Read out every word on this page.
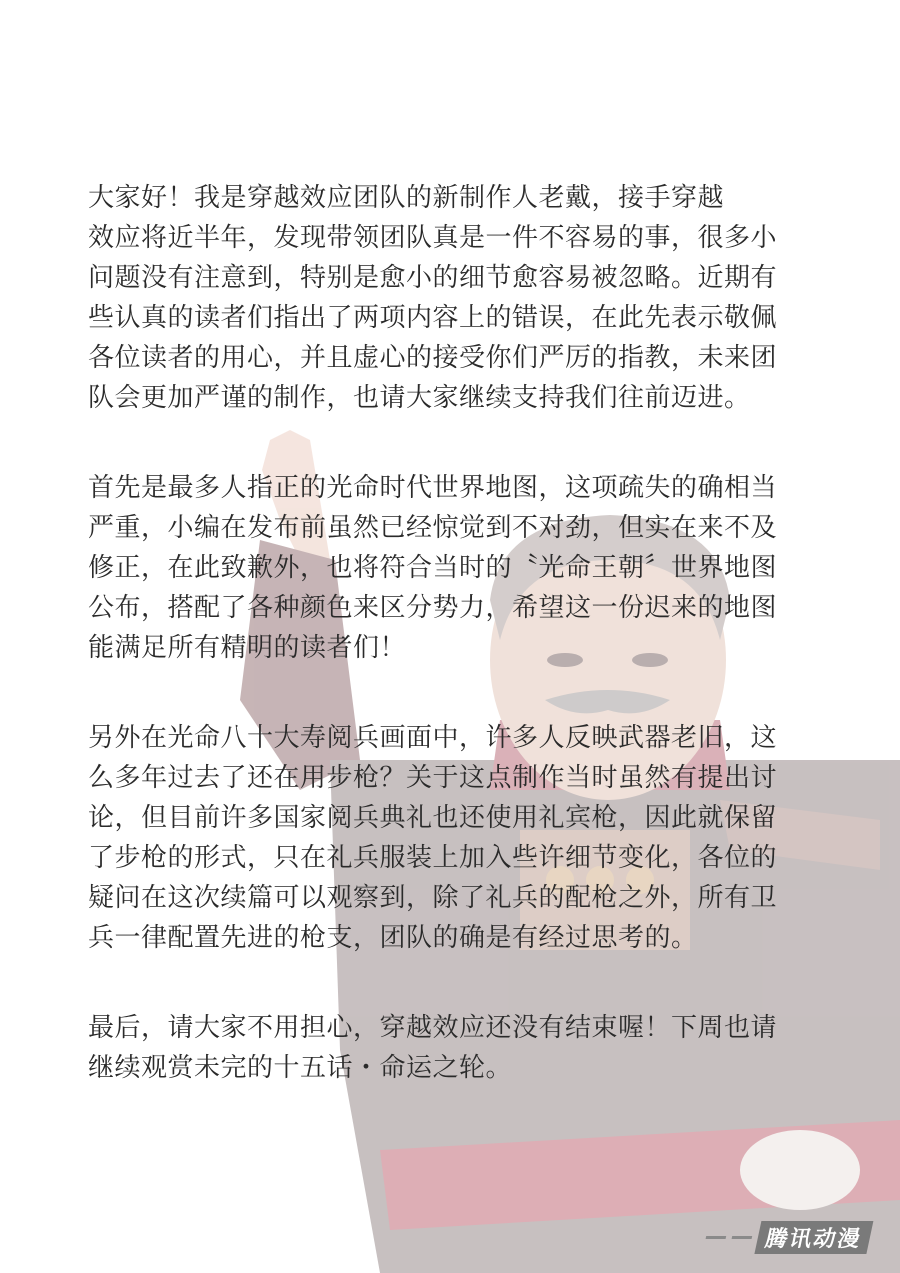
大家好！我是穿越效应团队的新制作人老戴，接手穿越
效应将近半年，发现带领团队真是一件不容易的事，很多小
问题没有注意到，特别是愈小的细节愈容易被忽略。近期有
些认真的读者们指出了两项内容上的错误，在此先表示敬佩
各位读者的用心，并且虚心的接受你们严厉的指教，未来团
队会更加严谨的制作，也请大家继续支持我们往前迈进。

首先是最多人指正的光命时代世界地图，这项疏失的确相当
严重，小编在发布前虽然已经惊觉到不对劲，但实在来不及
修正，在此致歉外，也将符合当时的〝光命王朝〞世界地图
公布，搭配了各种颜色来区分势力，希望这一份迟来的地图
能满足所有精明的读者们！

另外在光命八十大寿阅兵画面中，许多人反映武器老旧，这
么多年过去了还在用步枪？关于这点制作当时虽然有提出讨
论，但目前许多国家阅兵典礼也还使用礼宾枪，因此就保留
了步枪的形式，只在礼兵服装上加入些许细节变化，各位的
疑问在这次续篇可以观察到，除了礼兵的配枪之外，所有卫
兵一律配置先进的枪支，团队的确是有经过思考的。

最后，请大家不用担心，穿越效应还没有结束喔！下周也请
继续观赏未完的十五话・命运之轮。

腾讯动漫
